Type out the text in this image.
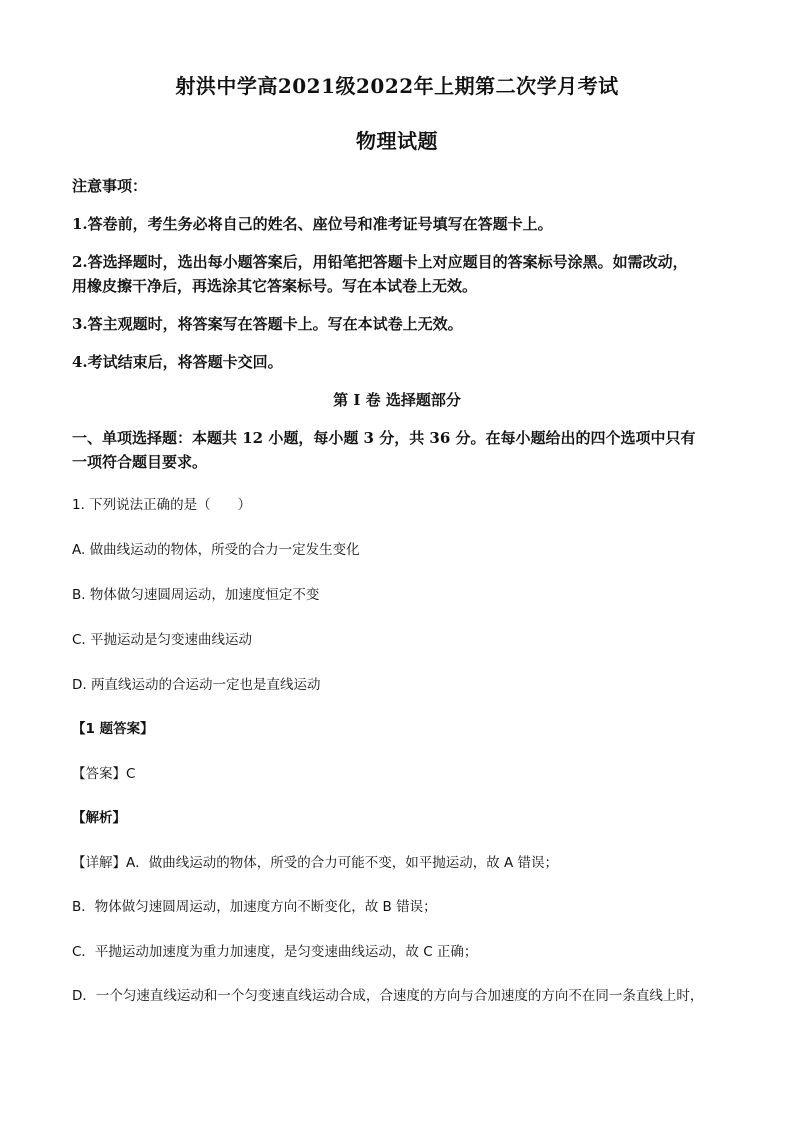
射洪中学高2021级2022年上期第二次学月考试
物理试题
注意事项：
1.答卷前，考生务必将自己的姓名、座位号和准考证号填写在答题卡上。
2.答选择题时，选出每小题答案后，用铅笔把答题卡上对应题目的答案标号涂黑。如需改动，
用橡皮擦干净后，再选涂其它答案标号。写在本试卷上无效。
3.答主观题时，将答案写在答题卡上。写在本试卷上无效。
4.考试结束后，将答题卡交回。
第 I 卷 选择题部分
一、单项选择题：本题共 12 小题，每小题 3 分，共 36 分。在每小题给出的四个选项中只有
一项符合题目要求。
1. 下列说法正确的是（　　）
A. 做曲线运动的物体，所受的合力一定发生变化
B. 物体做匀速圆周运动，加速度恒定不变
C. 平抛运动是匀变速曲线运动
D. 两直线运动的合运动一定也是直线运动
【1 题答案】
【答案】C
【解析】
【详解】A．做曲线运动的物体，所受的合力可能不变，如平抛运动，故 A 错误；
B．物体做匀速圆周运动，加速度方向不断变化，故 B 错误；
C．平抛运动加速度为重力加速度，是匀变速曲线运动，故 C 正确；
D．一个匀速直线运动和一个匀变速直线运动合成，合速度的方向与合加速度的方向不在同一条直线上时，
